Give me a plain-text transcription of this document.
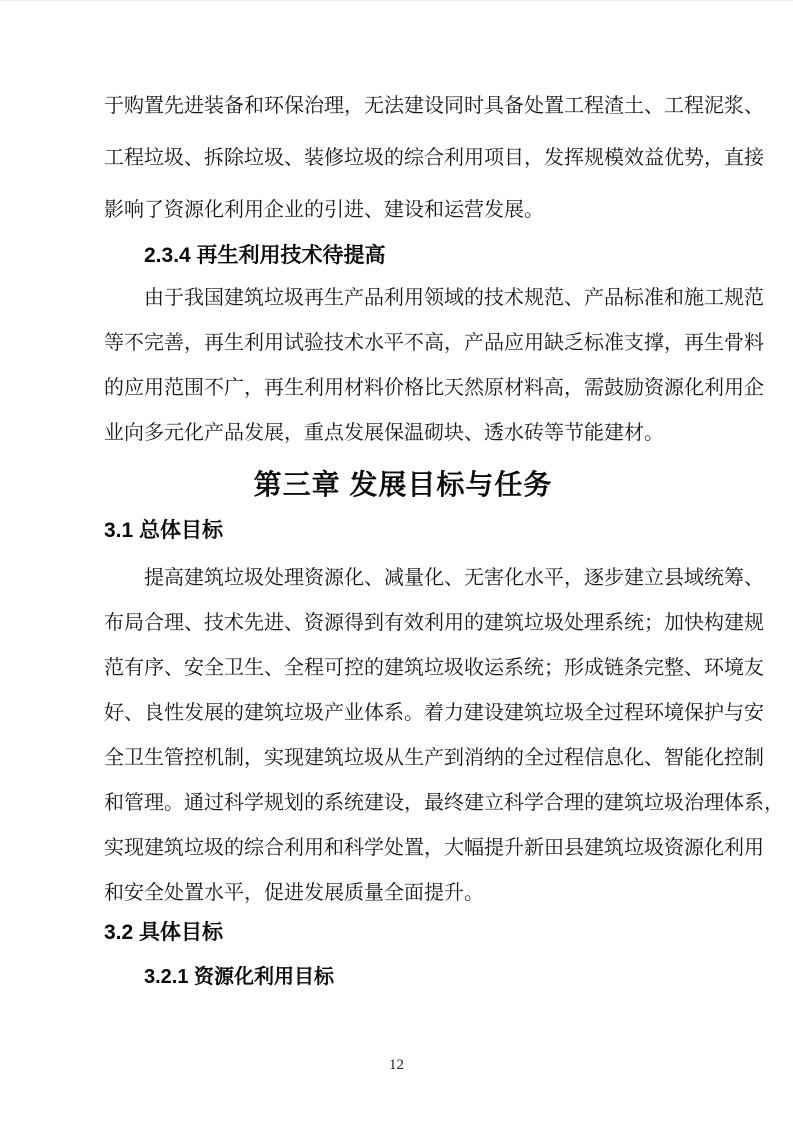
于购置先进装备和环保治理，无法建设同时具备处置工程渣土、工程泥浆、
工程垃圾、拆除垃圾、装修垃圾的综合利用项目，发挥规模效益优势，直接
影响了资源化利用企业的引进、建设和运营发展。
2.3.4 再生利用技术待提高
由于我国建筑垃圾再生产品利用领域的技术规范、产品标准和施工规范
等不完善，再生利用试验技术水平不高，产品应用缺乏标准支撑，再生骨料
的应用范围不广，再生利用材料价格比天然原材料高，需鼓励资源化利用企
业向多元化产品发展，重点发展保温砌块、透水砖等节能建材。
第三章 发展目标与任务
3.1 总体目标
提高建筑垃圾处理资源化、减量化、无害化水平，逐步建立县域统筹、
布局合理、技术先进、资源得到有效利用的建筑垃圾处理系统；加快构建规
范有序、安全卫生、全程可控的建筑垃圾收运系统；形成链条完整、环境友
好、良性发展的建筑垃圾产业体系。着力建设建筑垃圾全过程环境保护与安
全卫生管控机制，实现建筑垃圾从生产到消纳的全过程信息化、智能化控制
和管理。通过科学规划的系统建设，最终建立科学合理的建筑垃圾治理体系，
实现建筑垃圾的综合利用和科学处置，大幅提升新田县建筑垃圾资源化利用
和安全处置水平，促进发展质量全面提升。
3.2 具体目标
3.2.1 资源化利用目标
12
